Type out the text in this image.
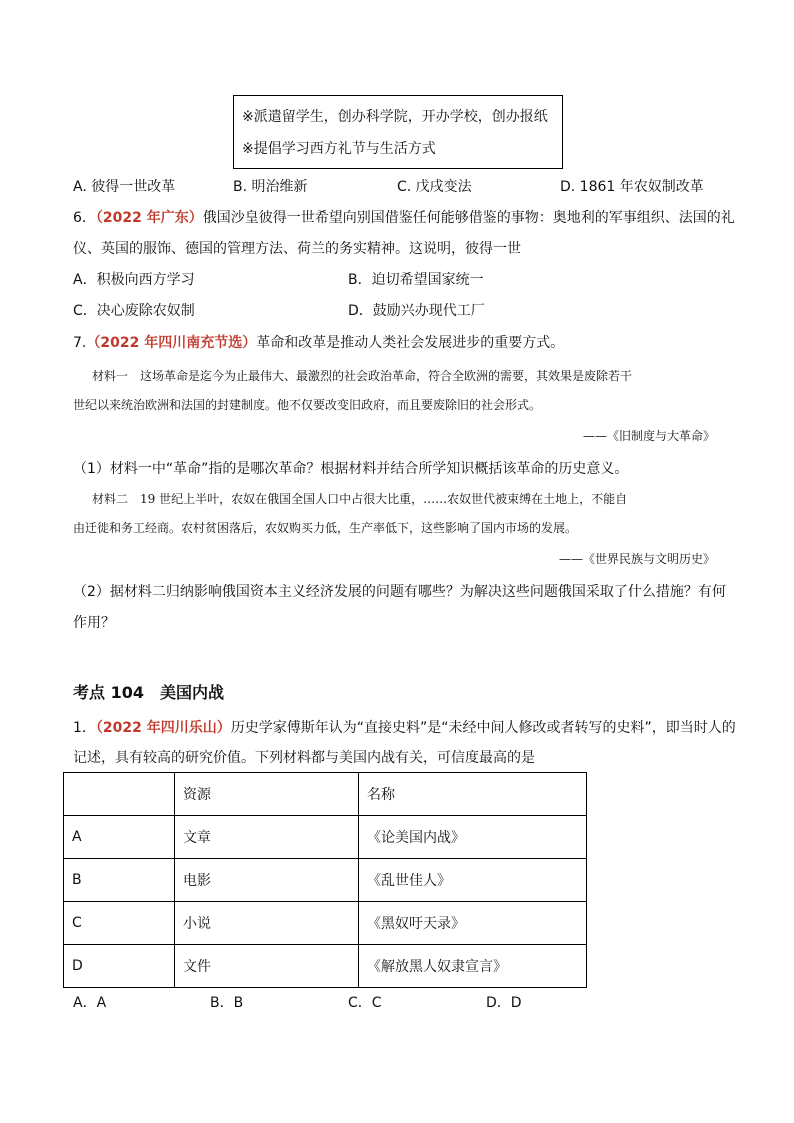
※派遣留学生，创办科学院，开办学校，创办报纸
※提倡学习西方礼节与生活方式
A. 彼得一世改革	B. 明治维新	C. 戊戌变法	D. 1861 年农奴制改革
6．（2022 年广东）俄国沙皇彼得一世希望向别国借鉴任何能够借鉴的事物：奥地利的军事组织、法国的礼
仪、英国的服饰、德国的管理方法、荷兰的务实精神。这说明，彼得一世
A．积极向西方学习	B．迫切希望国家统一
C．决心废除农奴制	D．鼓励兴办现代工厂
7.（2022 年四川南充节选）革命和改革是推动人类社会发展进步的重要方式。
材料一　这场革命是迄今为止最伟大、最激烈的社会政治革命，符合全欧洲的需要，其效果是废除若干
世纪以来统治欧洲和法国的封建制度。他不仅要改变旧政府，而且要废除旧的社会形式。
——《旧制度与大革命》
（1）材料一中“革命”指的是哪次革命？根据材料并结合所学知识概括该革命的历史意义。
材料二　19 世纪上半叶，农奴在俄国全国人口中占很大比重，……农奴世代被束缚在土地上，不能自
由迁徙和务工经商。农村贫困落后，农奴购买力低，生产率低下，这些影响了国内市场的发展。
——《世界民族与文明历史》
（2）据材料二归纳影响俄国资本主义经济发展的问题有哪些？为解决这些问题俄国采取了什么措施？有何
作用？
考点 104　美国内战
1．（2022 年四川乐山）历史学家傅斯年认为“直接史料”是“未经中间人修改或者转写的史料”，即当时人的
记述，具有较高的研究价值。下列材料都与美国内战有关，可信度最高的是
	资源	名称
A	文章	《论美国内战》
B	电影	《乱世佳人》
C	小说	《黑奴吁天录》
D	文件	《解放黑人奴隶宣言》
A．A	B．B	C．C	D．D
